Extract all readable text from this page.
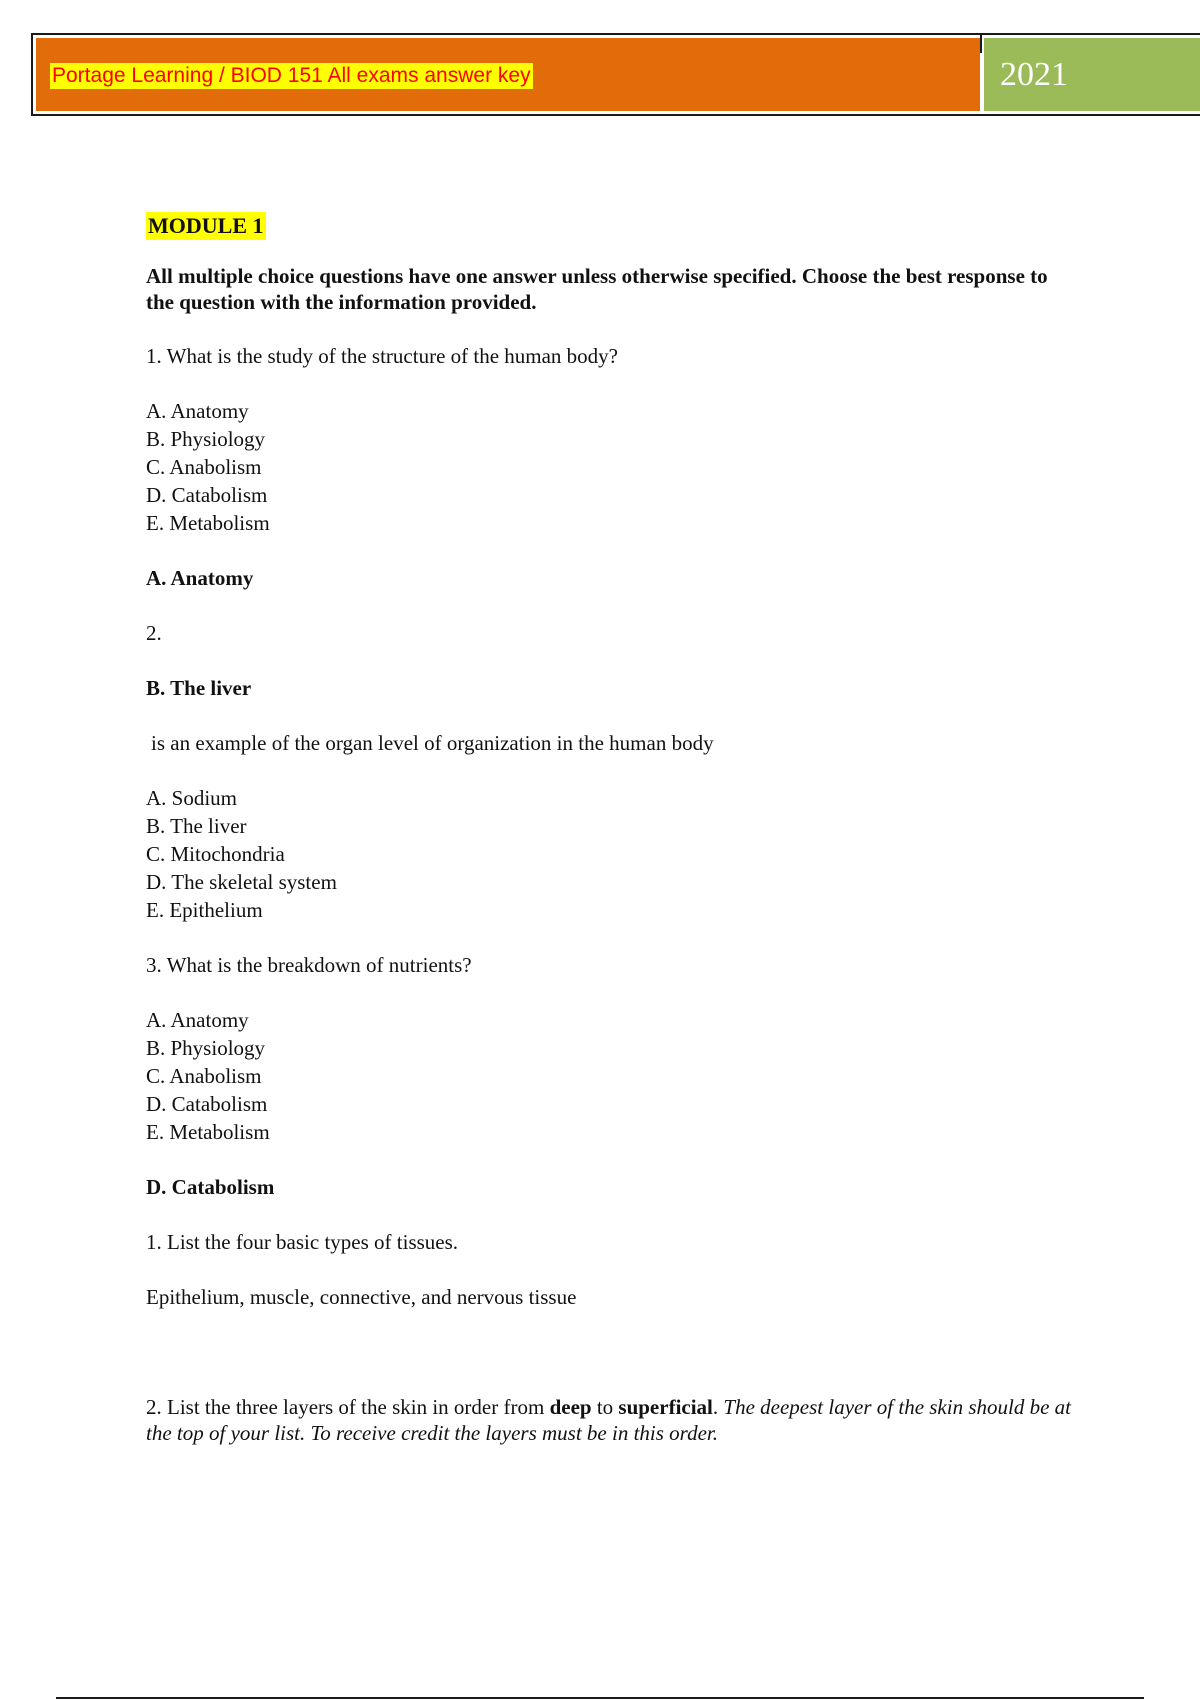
Portage Learning / BIOD 151 All exams answer key	2021
MODULE 1

All multiple choice questions have one answer unless otherwise specified. Choose the best response to the question with the information provided.

1. What is the study of the structure of the human body?

A. Anatomy
B. Physiology
C. Anabolism
D. Catabolism
E. Metabolism

A. Anatomy

2.

B. The liver

is an example of the organ level of organization in the human body

A. Sodium
B. The liver
C. Mitochondria
D. The skeletal system
E. Epithelium

3. What is the breakdown of nutrients?

A. Anatomy
B. Physiology
C. Anabolism
D. Catabolism
E. Metabolism

D. Catabolism

1. List the four basic types of tissues.

Epithelium, muscle, connective, and nervous tissue

2. List the three layers of the skin in order from deep to superficial. The deepest layer of the skin should be at the top of your list. To receive credit the layers must be in this order.
